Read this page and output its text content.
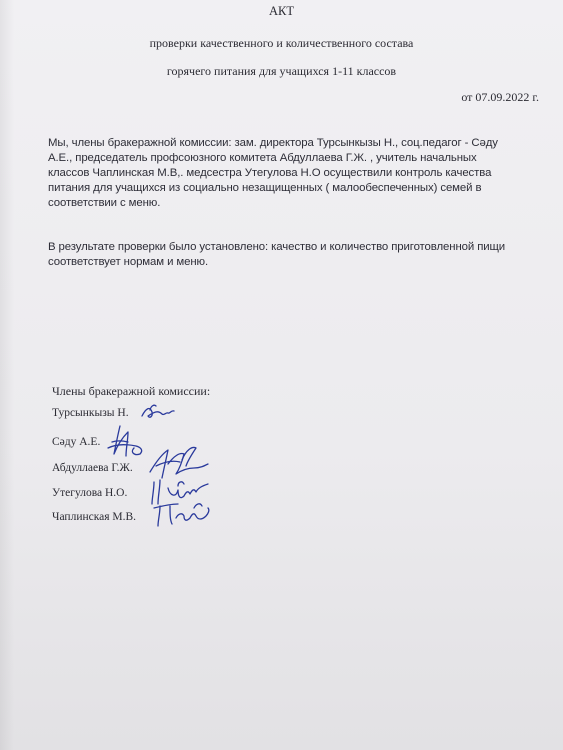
АКТ
проверки качественного и количественного состава
горячего питания для учащихся 1-11 классов
от 07.09.2022 г.
Мы, члены бракеражной комиссии: зам. директора Турсынкызы Н., соц.педагог - Сәду
А.Е., председатель профсоюзного комитета Абдуллаева Г.Ж. , учитель начальных
классов Чаплинская М.В,. медсестра Утегулова Н.О осуществили контроль качества
питания для учащихся из социально незащищенных ( малообеспеченных) семей в
соответствии с меню.
В результате проверки было установлено: качество и количество приготовленной пищи
соответствует нормам и меню.
Члены бракеражной комиссии:
Турсынкызы Н.
Сәду А.Е.
Абдуллаева Г.Ж.
Утегулова Н.О.
Чаплинская М.В.
